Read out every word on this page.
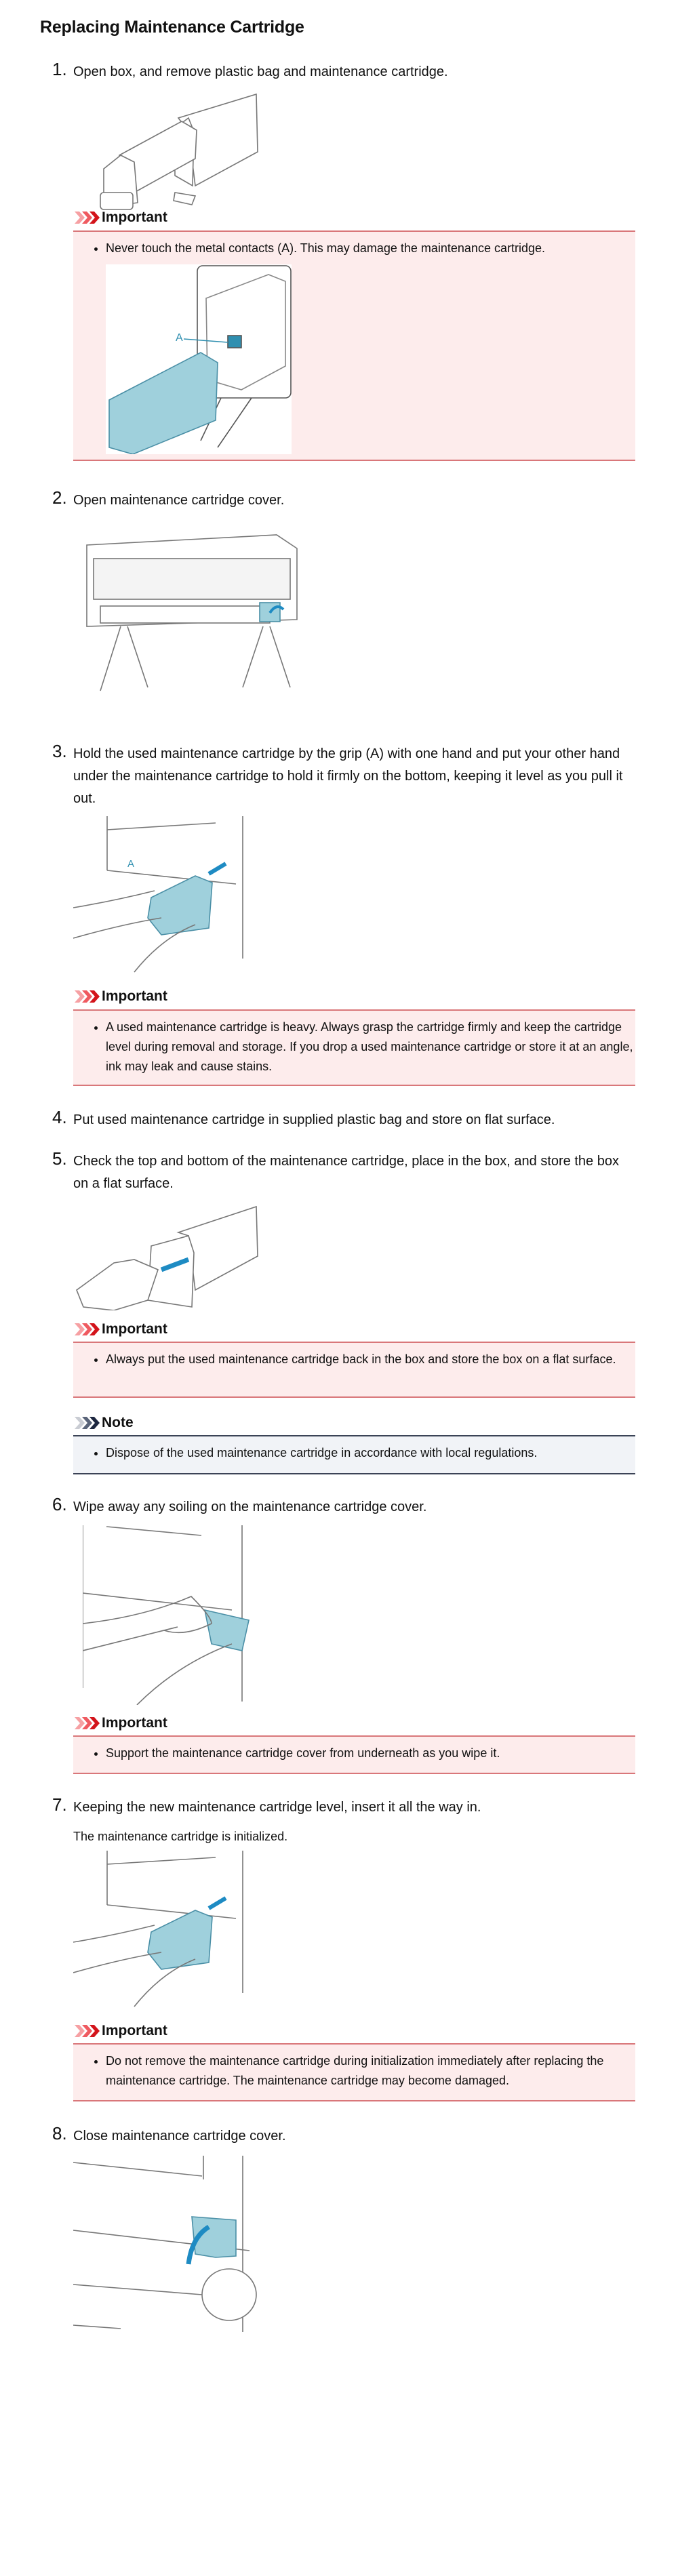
Replacing Maintenance Cartridge
1. Open box, and remove plastic bag and maintenance cartridge.
Important
• Never touch the metal contacts (A). This may damage the maintenance cartridge.
A
2. Open maintenance cartridge cover.
3. Hold the used maintenance cartridge by the grip (A) with one hand and put your other hand under the maintenance cartridge to hold it firmly on the bottom, keeping it level as you pull it out.
A
Important
• A used maintenance cartridge is heavy. Always grasp the cartridge firmly and keep the cartridge level during removal and storage. If you drop a used maintenance cartridge or store it at an angle, ink may leak and cause stains.
4. Put used maintenance cartridge in supplied plastic bag and store on flat surface.
5. Check the top and bottom of the maintenance cartridge, place in the box, and store the box on a flat surface.
Important
• Always put the used maintenance cartridge back in the box and store the box on a flat surface.
Note
• Dispose of the used maintenance cartridge in accordance with local regulations.
6. Wipe away any soiling on the maintenance cartridge cover.
Important
• Support the maintenance cartridge cover from underneath as you wipe it.
7. Keeping the new maintenance cartridge level, insert it all the way in.
The maintenance cartridge is initialized.
Important
• Do not remove the maintenance cartridge during initialization immediately after replacing the maintenance cartridge. The maintenance cartridge may become damaged.
8. Close maintenance cartridge cover.
